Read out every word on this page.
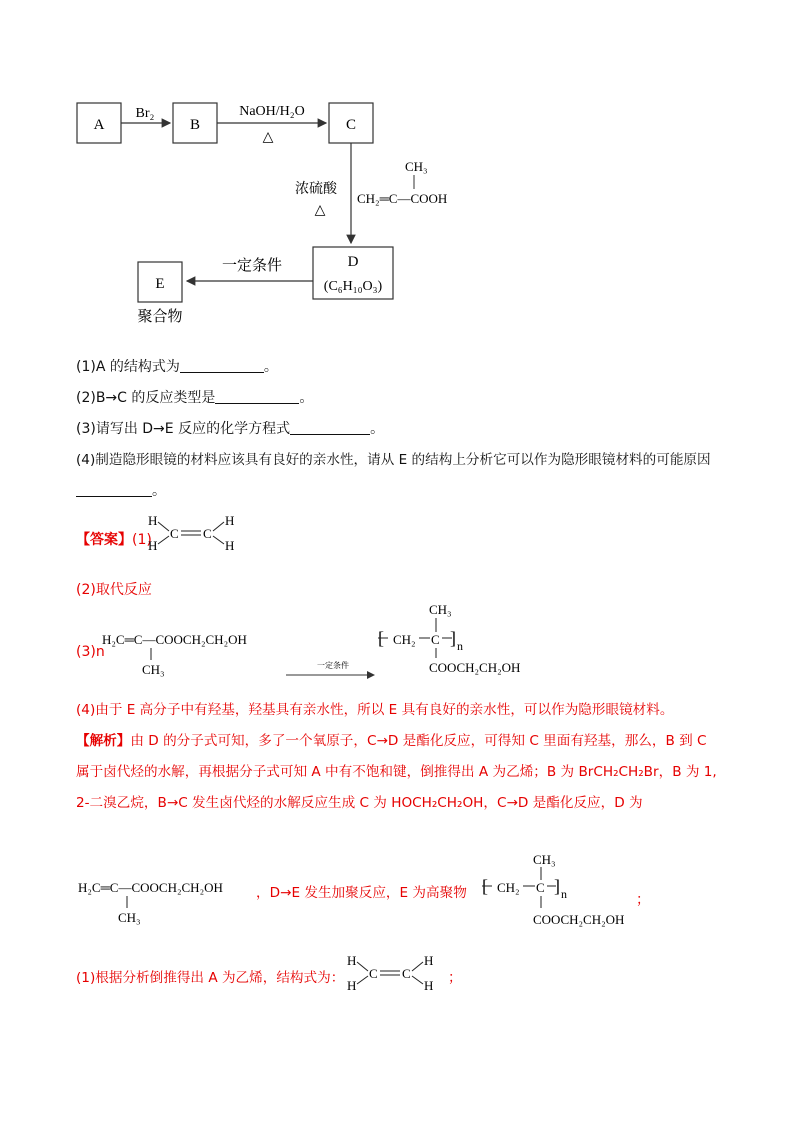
A
Br₂
B
NaOH/H₂O
△
C
浓硫酸
△
CH₃
CH₂═C—COOH
D
(C₆H₁₀O₃)
一定条件
E
聚合物
(1)A 的结构式为	。
(2)B→C 的反应类型是	。
(3)请写出 D→E 反应的化学方程式	。
(4)制造隐形眼镜的材料应该具有良好的亲水性，请从 E 的结构上分析它可以作为隐形眼镜材料的可能原因
。
【答案】(1)
H
H
C C
H
H
(2)取代反应
(3)n
H₂C═C—COOCH₂CH₂OH
CH₃	一定条件
[ CH₂ C ] n
CH₃
COOCH₂CH₂OH
(4)由于 E 高分子中有羟基，羟基具有亲水性，所以 E 具有良好的亲水性，可以作为隐形眼镜材料。
【解析】由 D 的分子式可知，多了一个氧原子，C→D 是酯化反应，可得知 C 里面有羟基，那么，B 到 C
属于卤代烃的水解，再根据分子式可知 A 中有不饱和键，倒推得出 A 为乙烯；B 为 BrCH₂CH₂Br，B 为 1,
2-二溴乙烷，B→C 发生卤代烃的水解反应生成 C 为 HOCH₂CH₂OH，C→D 是酯化反应，D 为
H₂C═C—COOCH₂CH₂OH
CH₃
，D→E 发生加聚反应，E 为高聚物 [ CH₂ C ] n
CH₃
COOCH₂CH₂OH
；
(1)根据分析倒推得出 A 为乙烯，结构式为：
H
H
C C
H
H ；
